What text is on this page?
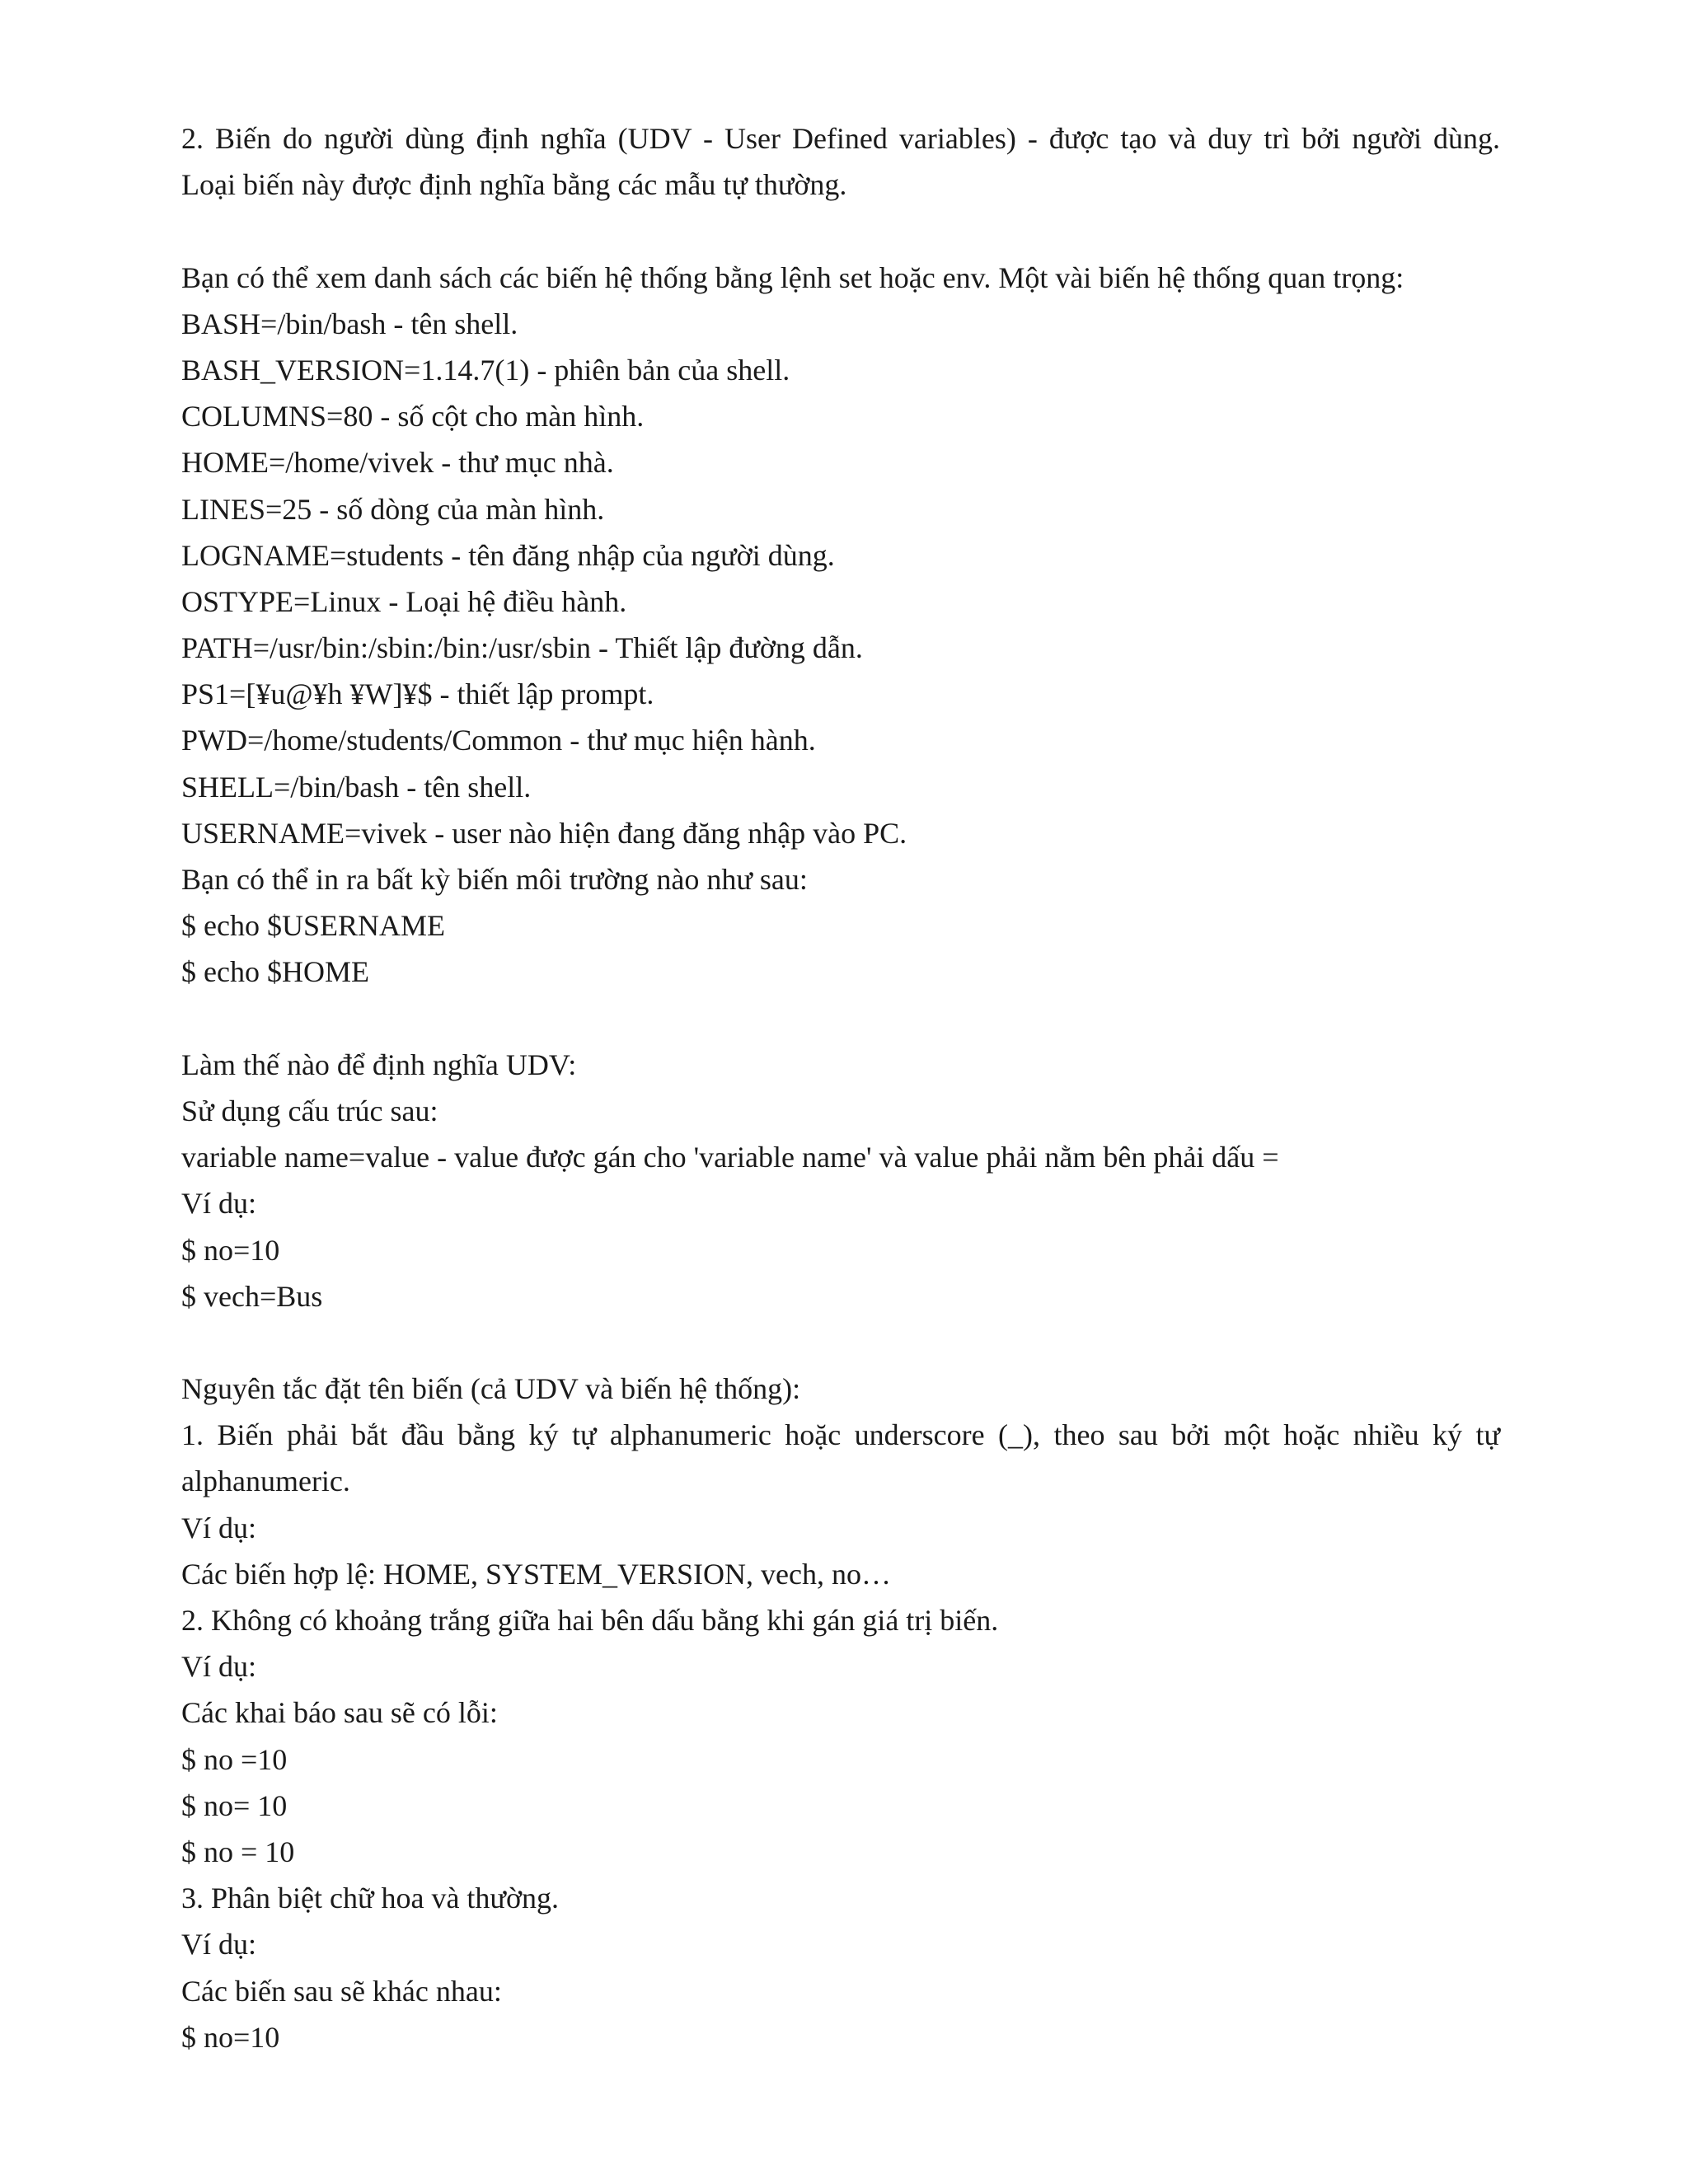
2. Biến do người dùng định nghĩa (UDV - User Defined variables) - được tạo và duy trì bởi người dùng.
Loại biến này được định nghĩa bằng các mẫu tự thường.
Bạn có thể xem danh sách các biến hệ thống bằng lệnh set hoặc env. Một vài biến hệ thống quan trọng:
BASH=/bin/bash - tên shell.
BASH_VERSION=1.14.7(1) - phiên bản của shell.
COLUMNS=80 - số cột cho màn hình.
HOME=/home/vivek - thư mục nhà.
LINES=25 - số dòng của màn hình.
LOGNAME=students - tên đăng nhập của người dùng.
OSTYPE=Linux - Loại hệ điều hành.
PATH=/usr/bin:/sbin:/bin:/usr/sbin - Thiết lập đường dẫn.
PS1=[¥u@¥h ¥W]¥$ - thiết lập prompt.
PWD=/home/students/Common - thư mục hiện hành.
SHELL=/bin/bash - tên shell.
USERNAME=vivek - user nào hiện đang đăng nhập vào PC.
Bạn có thể in ra bất kỳ biến môi trường nào như sau:
$ echo $USERNAME
$ echo $HOME
Làm thế nào để định nghĩa UDV:
Sử dụng cấu trúc sau:
variable name=value - value được gán cho 'variable name' và value phải nằm bên phải dấu =
Ví dụ:
$ no=10
$ vech=Bus
Nguyên tắc đặt tên biến (cả UDV và biến hệ thống):
1. Biến phải bắt đầu bằng ký tự alphanumeric hoặc underscore (_), theo sau bởi một hoặc nhiều ký tự
alphanumeric.
Ví dụ:
Các biến hợp lệ: HOME, SYSTEM_VERSION, vech, no…
2. Không có khoảng trắng giữa hai bên dấu bằng khi gán giá trị biến.
Ví dụ:
Các khai báo sau sẽ có lỗi:
$ no =10
$ no= 10
$ no = 10
3. Phân biệt chữ hoa và thường.
Ví dụ:
Các biến sau sẽ khác nhau:
$ no=10
